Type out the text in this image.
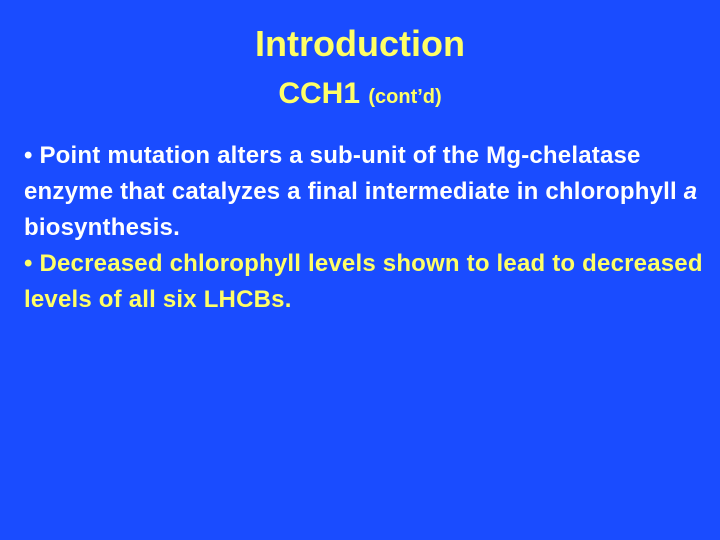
Introduction
CCH1 (cont’d)
• Point mutation alters a sub-unit of the Mg-chelatase enzyme that catalyzes a final intermediate in chlorophyll a biosynthesis.
• Decreased chlorophyll levels shown to lead to decreased levels of all six LHCBs.
